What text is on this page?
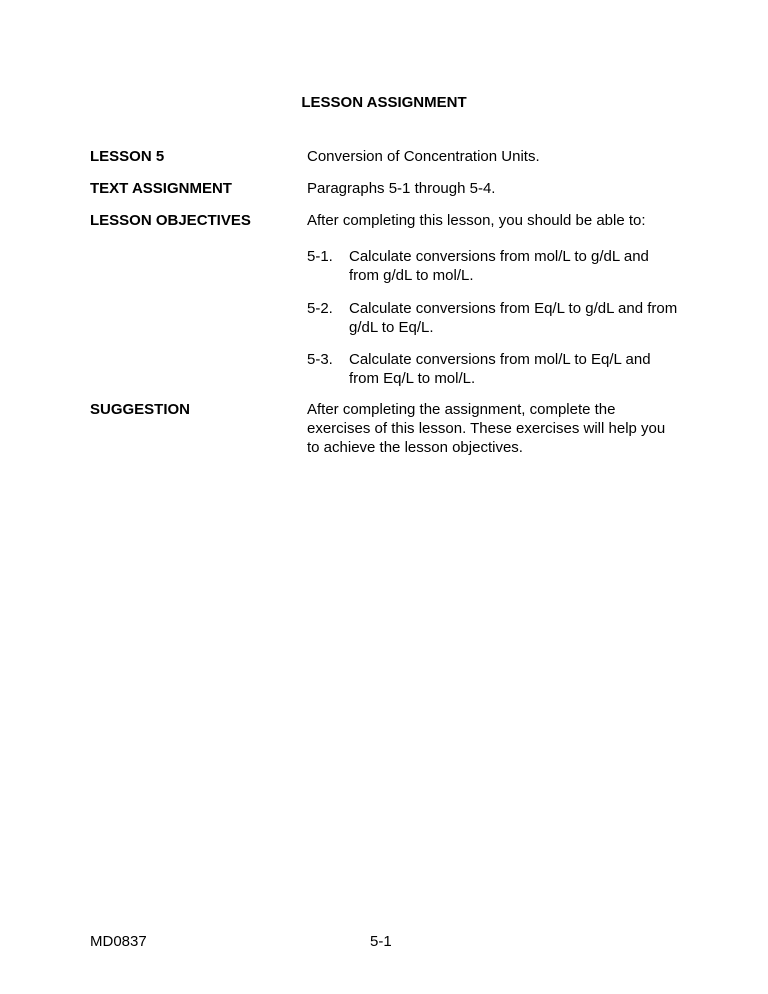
LESSON ASSIGNMENT
LESSON 5	Conversion of Concentration Units.
TEXT ASSIGNMENT	Paragraphs 5-1 through 5-4.
LESSON OBJECTIVES	After completing this lesson, you should be able to:
5-1.	Calculate conversions from mol/L to g/dL and from g/dL to mol/L.
5-2.	Calculate conversions from Eq/L to g/dL and from g/dL to Eq/L.
5-3.	Calculate conversions from mol/L to Eq/L and from Eq/L to mol/L.
SUGGESTION	After completing the assignment, complete the exercises of this lesson. These exercises will help you to achieve the lesson objectives.
MD0837	5-1
